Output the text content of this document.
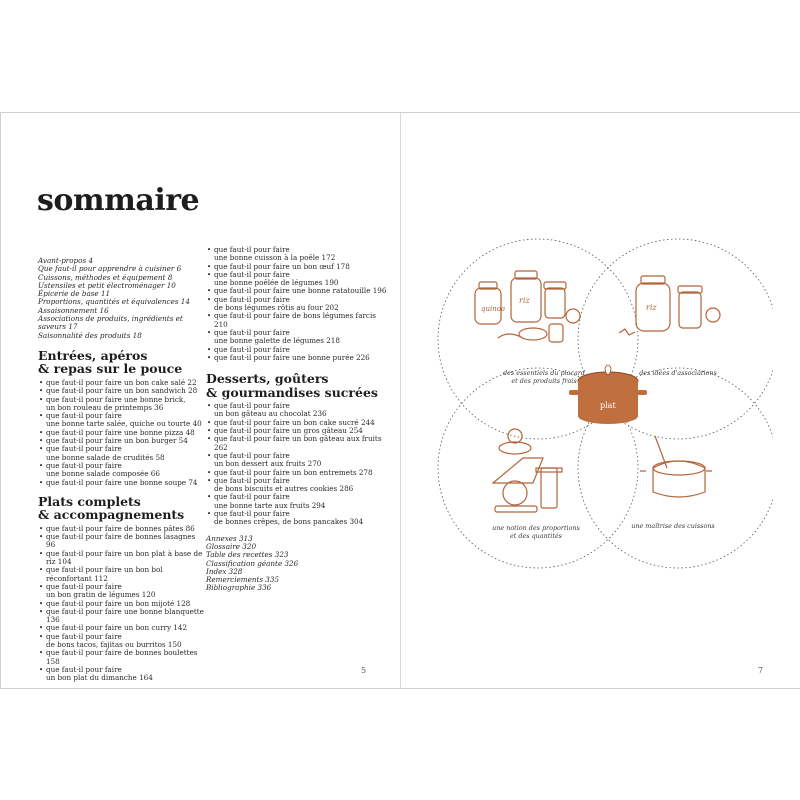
sommaire
Avant-propos 4
Que faut-il pour apprendre à cuisiner 6
Cuissons, méthodes et équipement 8
Ustensiles et petit électroménager 10
Épicerie de base 11
Proportions, quantités et équivalences 14
Assaisonnement 16
Associations de produits, ingrédients et saveurs 17
Saisonnalité des produits 18
Entrées, apéros
& repas sur le pouce
• que faut-il pour faire un bon cake salé 22
• que faut-il pour faire un bon sandwich 28
• que faut-il pour faire une bonne brick,
un bon rouleau de printemps 36
• que faut-il pour faire
une bonne tarte salée, quiche ou tourte 40
• que faut-il pour faire une bonne pizza 48
• que faut-il pour faire un bon burger 54
• que faut-il pour faire
une bonne salade de crudités 58
• que faut-il pour faire
une bonne salade composée 66
• que faut-il pour faire une bonne soupe 74
Plats complets
& accompagnements
• que faut-il pour faire de bonnes pâtes 86
• que faut-il pour faire de bonnes lasagnes 96
• que faut-il pour faire un bon plat à base de riz 104
• que faut-il pour faire un bon bol réconfortant 112
• que faut-il pour faire
un bon gratin de légumes 120
• que faut-il pour faire un bon mijoté 128
• que faut-il pour faire une bonne blanquette 136
• que faut-il pour faire un bon curry 142
• que faut-il pour faire
de bons tacos, fajitas ou burritos 150
• que faut-il pour faire de bonnes boulettes 158
• que faut-il pour faire
un bon plat du dimanche 164
• que faut-il pour faire
une bonne cuisson à la poêle 172
• que faut-il pour faire un bon œuf 178
• que faut-il pour faire
une bonne poêlée de légumes 190
• que faut-il pour faire une bonne ratatouille 196
• que faut-il pour faire
de bons légumes rôtis au four 202
• que faut-il pour faire de bons légumes farcis 210
• que faut-il pour faire
une bonne galette de légumes 218
• que faut-il pour faire
• que faut-il pour faire une bonne purée 226
Desserts, goûters
& gourmandises sucrées
• que faut-il pour faire
un bon gâteau au chocolat 236
• que faut-il pour faire un bon cake sucré 244
• que faut-il pour faire un gros gâteau 254
• que faut-il pour faire un bon gâteau aux fruits 262
• que faut-il pour faire
un bon dessert aux fruits 270
• que faut-il pour faire un bon entremets 278
• que faut-il pour faire
de bons biscuits et autres cookies 286
• que faut-il pour faire
une bonne tarte aux fruits 294
• que faut-il pour faire
de bonnes crêpes, de bons pancakes 304
Annexes 313
Glossaire 320
Table des recettes 323
Classification géante 326
Index 328
Remerciements 335
Bibliographie 336
5
quinoa
riz
riz
plat
des essentiels du placard
et des produits frais
des idées d'associations
une notion des proportions
et des quantités
une maîtrise des cuissons
7
